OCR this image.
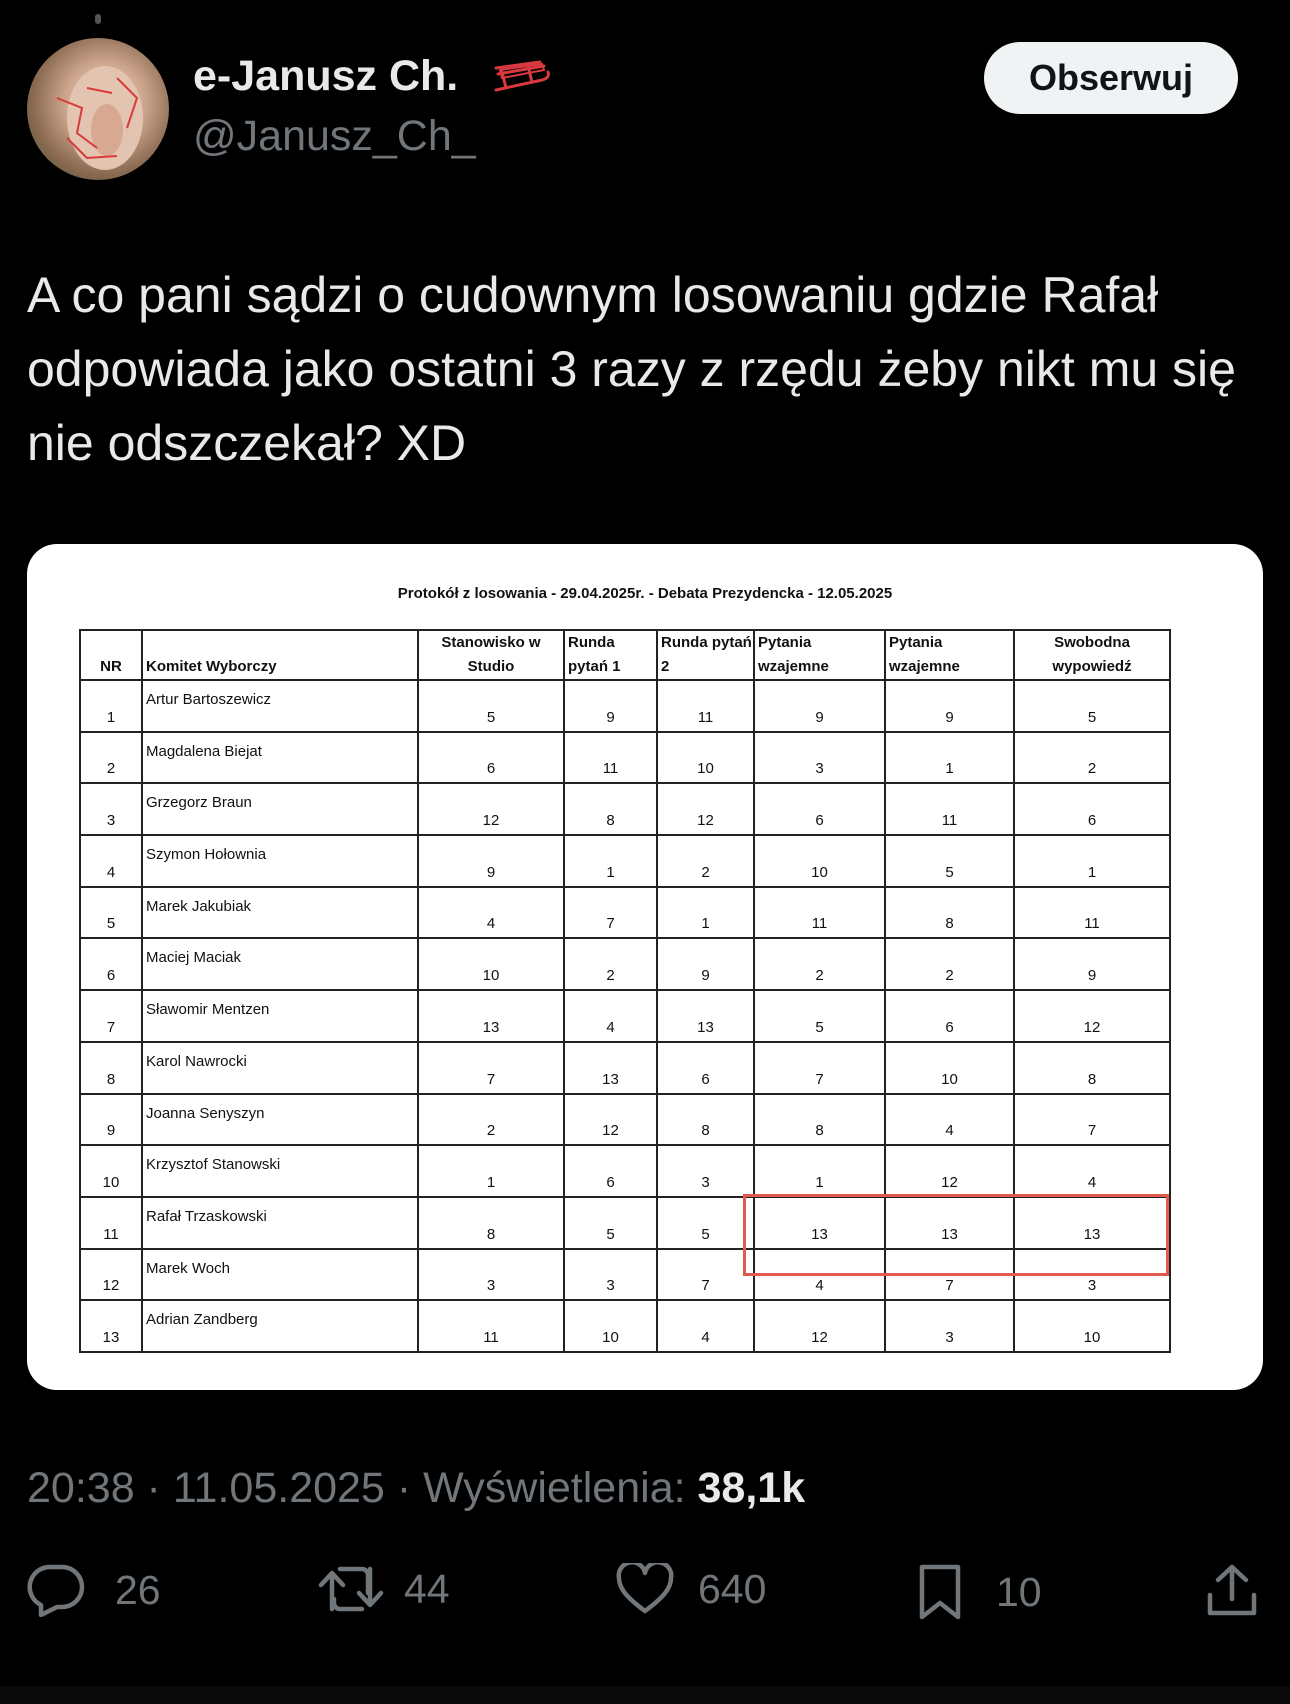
e-Janusz Ch.
@Janusz_Ch_
Obserwuj
A co pani sądzi o cudownym losowaniu gdzie Rafał odpowiada jako ostatni 3 razy z rzędu żeby nikt mu się nie odszczekał? XD
Protokół z losowania - 29.04.2025r. - Debata Prezydencka - 12.05.2025
NR	Komitet Wyborczy	Stanowisko w Studio	Runda pytań 1	Runda pytań 2	Pytania wzajemne	Pytania wzajemne	Swobodna wypowiedź

1	Artur Bartoszewicz	5	9	11	9	9	5

2	Magdalena Biejat	6	11	10	3	1	2

3	Grzegorz Braun	12	8	12	6	11	6

4	Szymon Hołownia	9	1	2	10	5	1

5	Marek Jakubiak	4	7	1	11	8	11

6	Maciej Maciak	10	2	9	2	2	9

7	Sławomir Mentzen	13	4	13	5	6	12

8	Karol Nawrocki	7	13	6	7	10	8

9	Joanna Senyszyn	2	12	8	8	4	7

10	Krzysztof Stanowski	1	6	3	1	12	4

11	Rafał Trzaskowski	8	5	5	13	13	13

12	Marek Woch	3	3	7	4	7	3

13	Adrian Zandberg	11	10	4	12	3	10
20:38 · 11.05.2025 · Wyświetlenia: 38,1k
26	44	640	10
